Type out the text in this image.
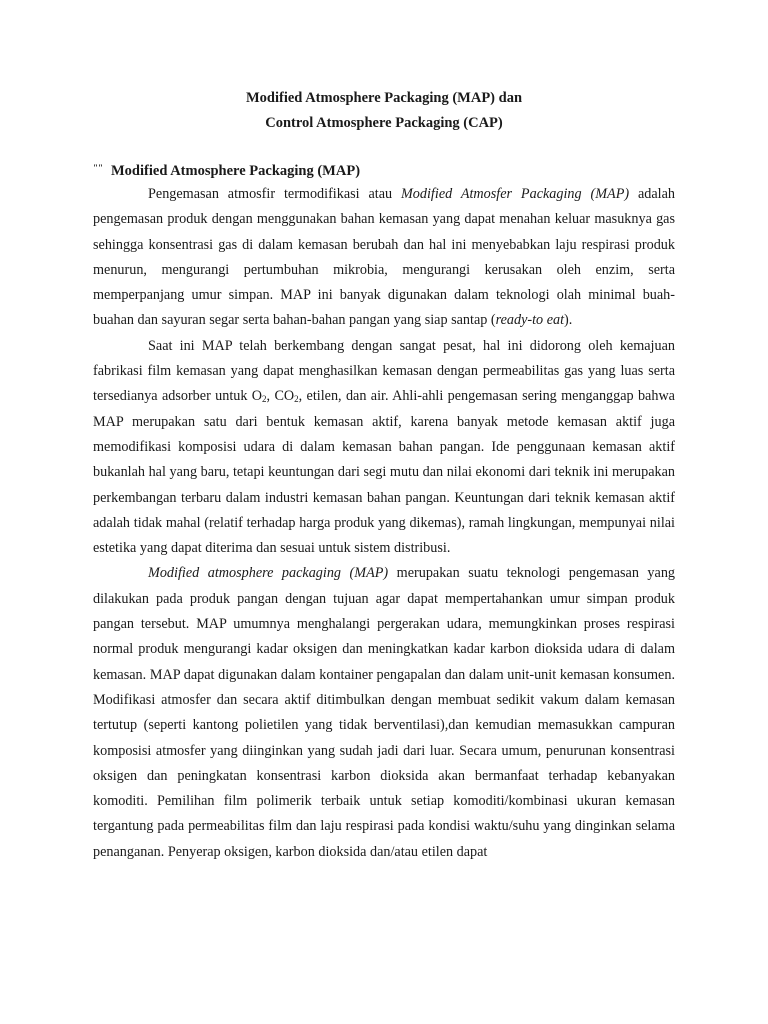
Modified Atmosphere Packaging (MAP) dan
Control Atmosphere Packaging (CAP)
"" Modified Atmosphere Packaging (MAP)

Pengemasan atmosfir termodifikasi atau Modified Atmosfer Packaging (MAP) adalah pengemasan produk dengan menggunakan bahan kemasan yang dapat menahan keluar masuknya gas sehingga konsentrasi gas di dalam kemasan berubah dan hal ini menyebabkan laju respirasi produk menurun, mengurangi pertumbuhan mikrobia, mengurangi kerusakan oleh enzim, serta memperpanjang umur simpan. MAP ini banyak digunakan dalam teknologi olah minimal buah-buahan dan sayuran segar serta bahan-bahan pangan yang siap santap (ready-to eat).

Saat ini MAP telah berkembang dengan sangat pesat, hal ini didorong oleh kemajuan fabrikasi film kemasan yang dapat menghasilkan kemasan dengan permeabilitas gas yang luas serta tersedianya adsorber untuk $O_2$, $CO_2$, etilen, dan air. Ahli-ahli pengemasan sering menganggap bahwa MAP merupakan satu dari bentuk kemasan aktif, karena banyak metode kemasan aktif juga memodifikasi komposisi udara di dalam kemasan bahan pangan. Ide penggunaan kemasan aktif bukanlah hal yang baru, tetapi keuntungan dari segi mutu dan nilai ekonomi dari teknik ini merupakan perkembangan terbaru dalam industri kemasan bahan pangan. Keuntungan dari teknik kemasan aktif adalah tidak mahal (relatif terhadap harga produk yang dikemas), ramah lingkungan, mempunyai nilai estetika yang dapat diterima dan sesuai untuk sistem distribusi.

Modified atmosphere packaging (MAP) merupakan suatu teknologi pengemasan yang dilakukan pada produk pangan dengan tujuan agar dapat mempertahankan umur simpan produk pangan tersebut. MAP umumnya menghalangi pergerakan udara, memungkinkan proses respirasi normal produk mengurangi kadar oksigen dan meningkatkan kadar karbon dioksida udara di dalam kemasan. MAP dapat digunakan dalam kontainer pengapalan dan dalam unit-unit kemasan konsumen. Modifikasi atmosfer dan secara aktif ditimbulkan dengan membuat sedikit vakum dalam kemasan tertutup (seperti kantong polietilen yang tidak berventilasi),dan kemudian memasukkan campuran komposisi atmosfer yang diinginkan yang sudah jadi dari luar. Secara umum, penurunan konsentrasi oksigen dan peningkatan konsentrasi karbon dioksida akan bermanfaat terhadap kebanyakan komoditi. Pemilihan film polimerik terbaik untuk setiap komoditi/kombinasi ukuran kemasan tergantung pada permeabilitas film dan laju respirasi pada kondisi waktu/suhu yang dinginkan selama penanganan. Penyerap oksigen, karbon dioksida dan/atau etilen dapat
